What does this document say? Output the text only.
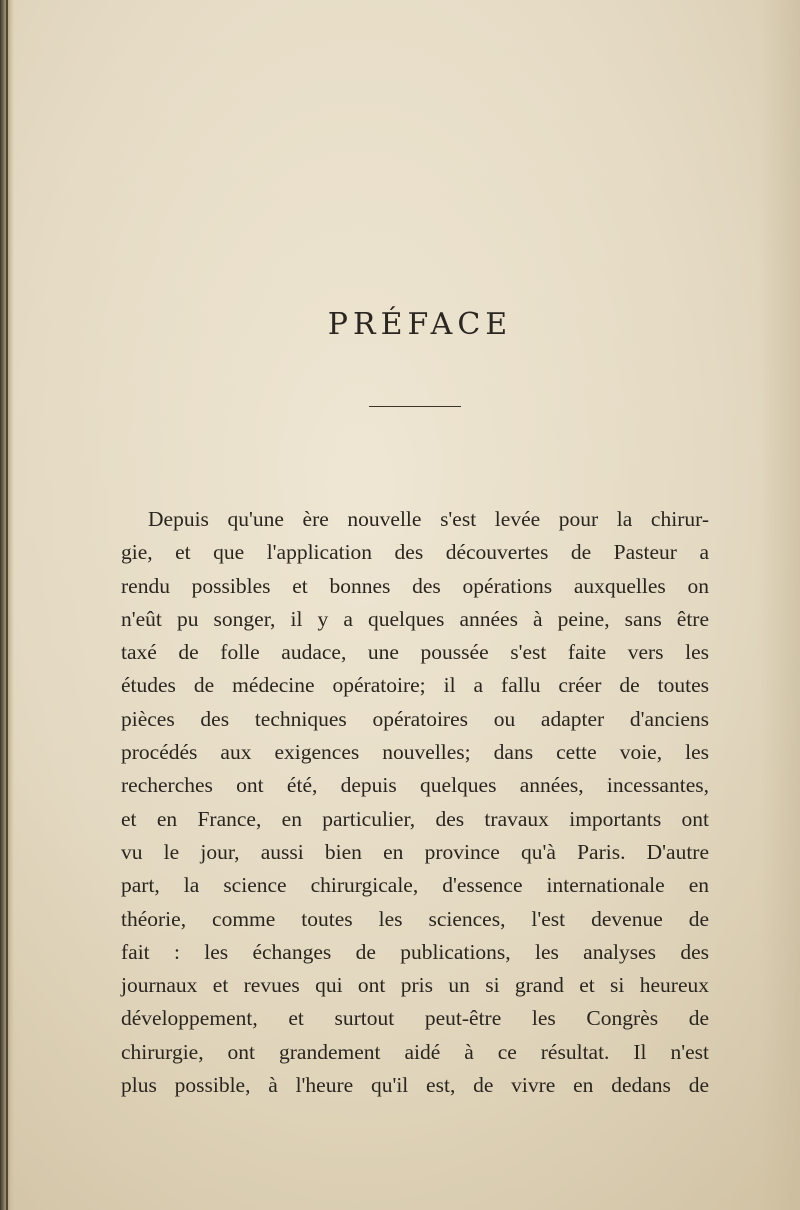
PRÉFACE
Depuis qu'une ère nouvelle s'est levée pour la chirur-
gie, et que l'application des découvertes de Pasteur a
rendu possibles et bonnes des opérations auxquelles on
n'eût pu songer, il y a quelques années à peine, sans être
taxé de folle audace, une poussée s'est faite vers les
études de médecine opératoire; il a fallu créer de toutes
pièces des techniques opératoires ou adapter d'anciens
procédés aux exigences nouvelles; dans cette voie, les
recherches ont été, depuis quelques années, incessantes,
et en France, en particulier, des travaux importants ont
vu le jour, aussi bien en province qu'à Paris. D'autre
part, la science chirurgicale, d'essence internationale en
théorie, comme toutes les sciences, l'est devenue de
fait : les échanges de publications, les analyses des
journaux et revues qui ont pris un si grand et si heureux
développement, et surtout peut-être les Congrès de
chirurgie, ont grandement aidé à ce résultat. Il n'est
plus possible, à l'heure qu'il est, de vivre en dedans de
